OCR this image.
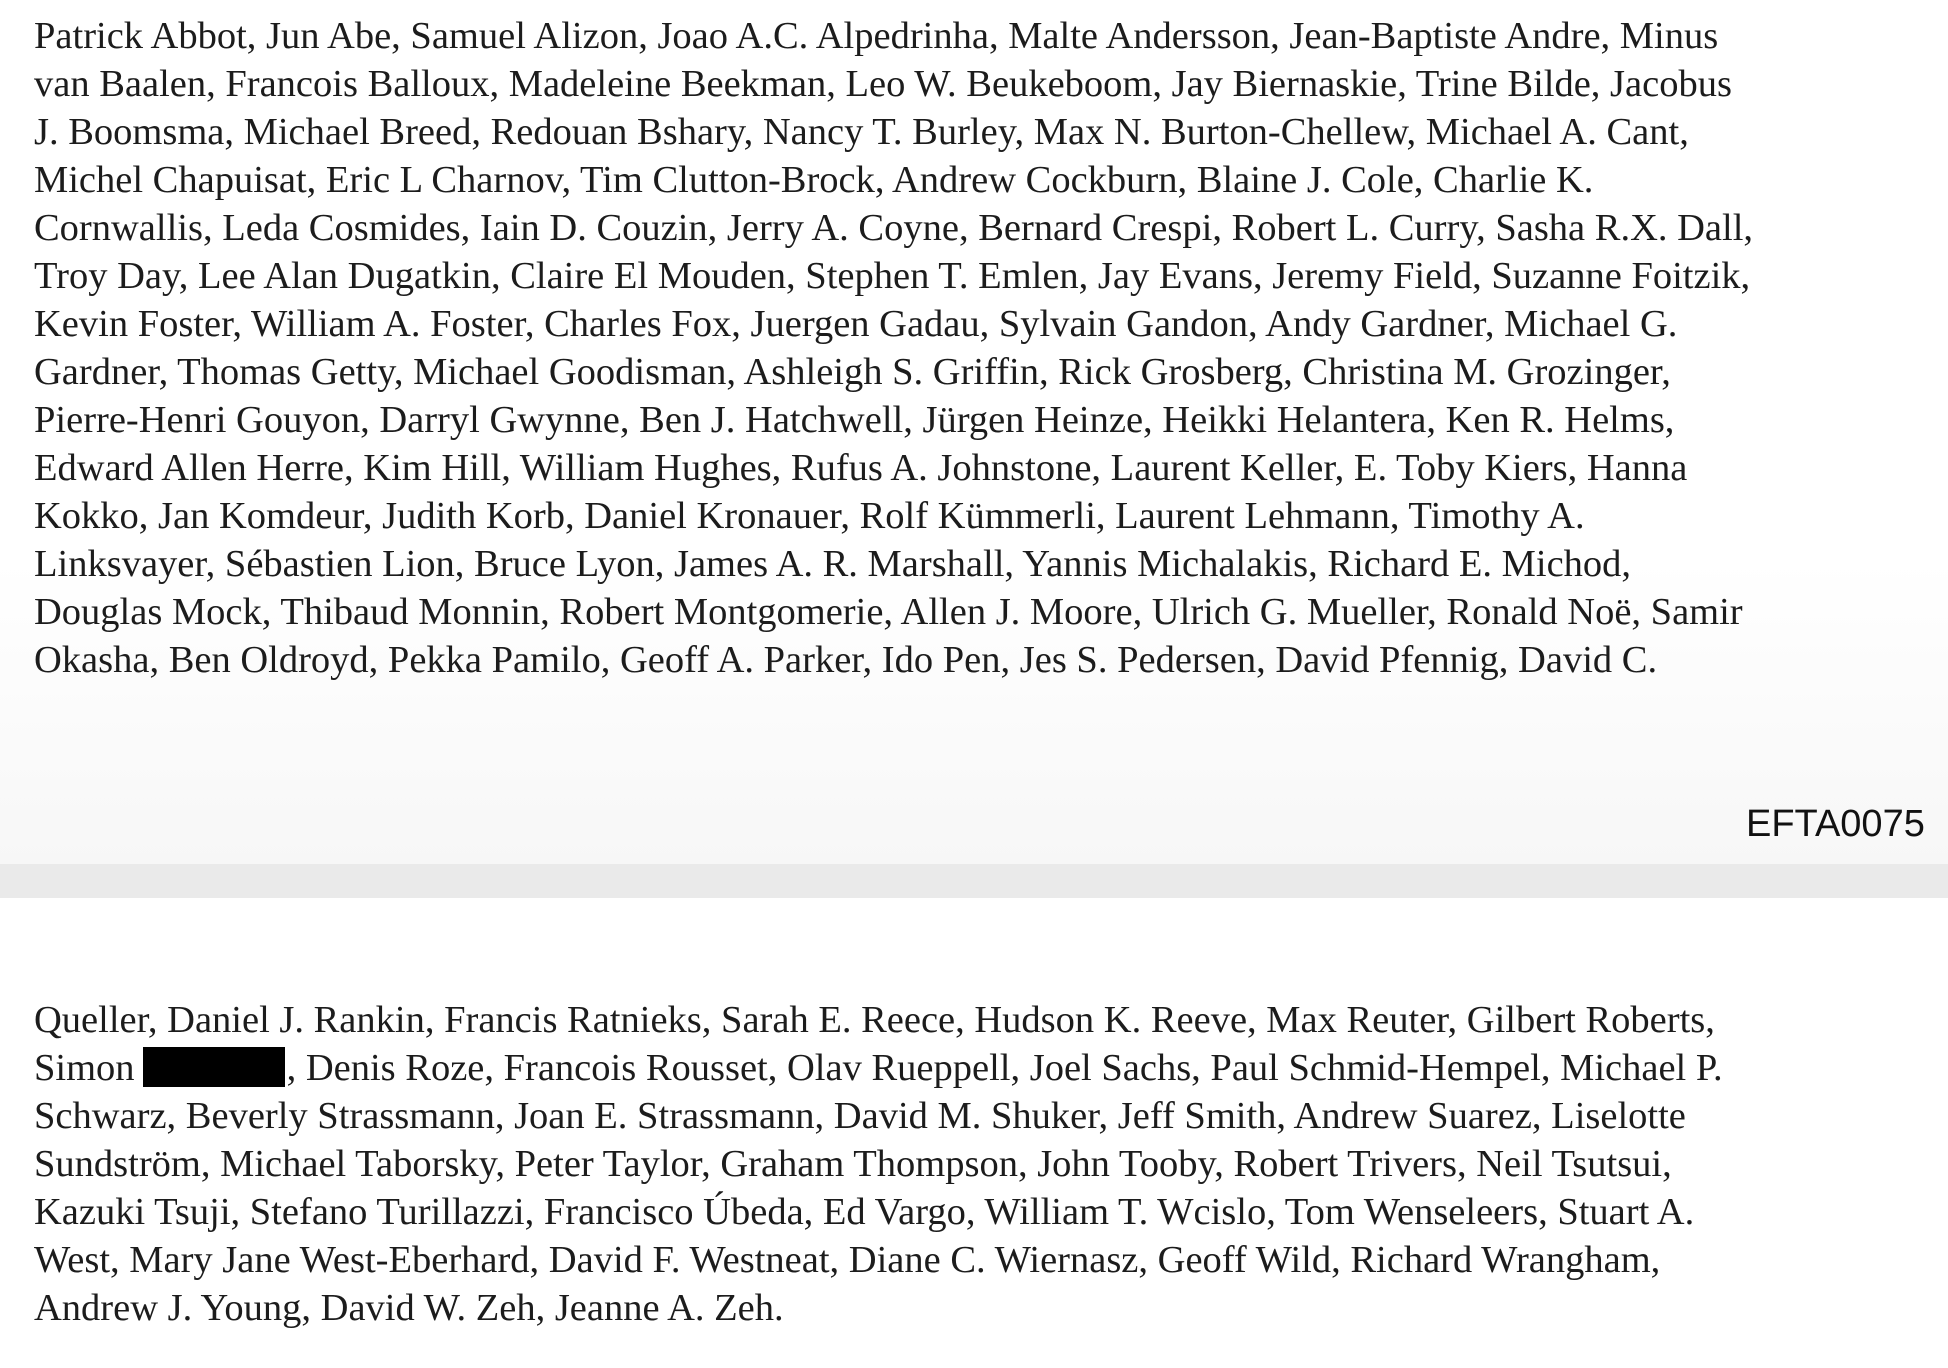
Patrick Abbot, Jun Abe, Samuel Alizon, Joao A.C. Alpedrinha, Malte Andersson, Jean-Baptiste Andre, Minus
van Baalen, Francois Balloux, Madeleine Beekman, Leo W. Beukeboom, Jay Biernaskie, Trine Bilde, Jacobus
J. Boomsma, Michael Breed, Redouan Bshary, Nancy T. Burley, Max N. Burton-Chellew, Michael A. Cant,
Michel Chapuisat, Eric L Charnov, Tim Clutton-Brock, Andrew Cockburn, Blaine J. Cole, Charlie K.
Cornwallis, Leda Cosmides, Iain D. Couzin, Jerry A. Coyne, Bernard Crespi, Robert L. Curry, Sasha R.X. Dall,
Troy Day, Lee Alan Dugatkin, Claire El Mouden, Stephen T. Emlen, Jay Evans, Jeremy Field, Suzanne Foitzik,
Kevin Foster, William A. Foster, Charles Fox, Juergen Gadau, Sylvain Gandon, Andy Gardner, Michael G.
Gardner, Thomas Getty, Michael Goodisman, Ashleigh S. Griffin, Rick Grosberg, Christina M. Grozinger,
Pierre-Henri Gouyon, Darryl Gwynne, Ben J. Hatchwell, Jürgen Heinze, Heikki Helantera, Ken R. Helms,
Edward Allen Herre, Kim Hill, William Hughes, Rufus A. Johnstone, Laurent Keller, E. Toby Kiers, Hanna
Kokko, Jan Komdeur, Judith Korb, Daniel Kronauer, Rolf Kümmerli, Laurent Lehmann, Timothy A.
Linksvayer, Sébastien Lion, Bruce Lyon, James A. R. Marshall, Yannis Michalakis, Richard E. Michod,
Douglas Mock, Thibaud Monnin, Robert Montgomerie, Allen J. Moore, Ulrich G. Mueller, Ronald Noë, Samir
Okasha, Ben Oldroyd, Pekka Pamilo, Geoff A. Parker, Ido Pen, Jes S. Pedersen, David Pfennig, David C.

EFTA0075

Queller, Daniel J. Rankin, Francis Ratnieks, Sarah E. Reece, Hudson K. Reeve, Max Reuter, Gilbert Roberts,
Simon	, Denis Roze, Francois Rousset, Olav Rueppell, Joel Sachs, Paul Schmid-Hempel, Michael P.
Schwarz, Beverly Strassmann, Joan E. Strassmann, David M. Shuker, Jeff Smith, Andrew Suarez, Liselotte
Sundström, Michael Taborsky, Peter Taylor, Graham Thompson, John Tooby, Robert Trivers, Neil Tsutsui,
Kazuki Tsuji, Stefano Turillazzi, Francisco Úbeda, Ed Vargo, William T. Wcislo, Tom Wenseleers, Stuart A.
West, Mary Jane West-Eberhard, David F. Westneat, Diane C. Wiernasz, Geoff Wild, Richard Wrangham,
Andrew J. Young, David W. Zeh, Jeanne A. Zeh.
